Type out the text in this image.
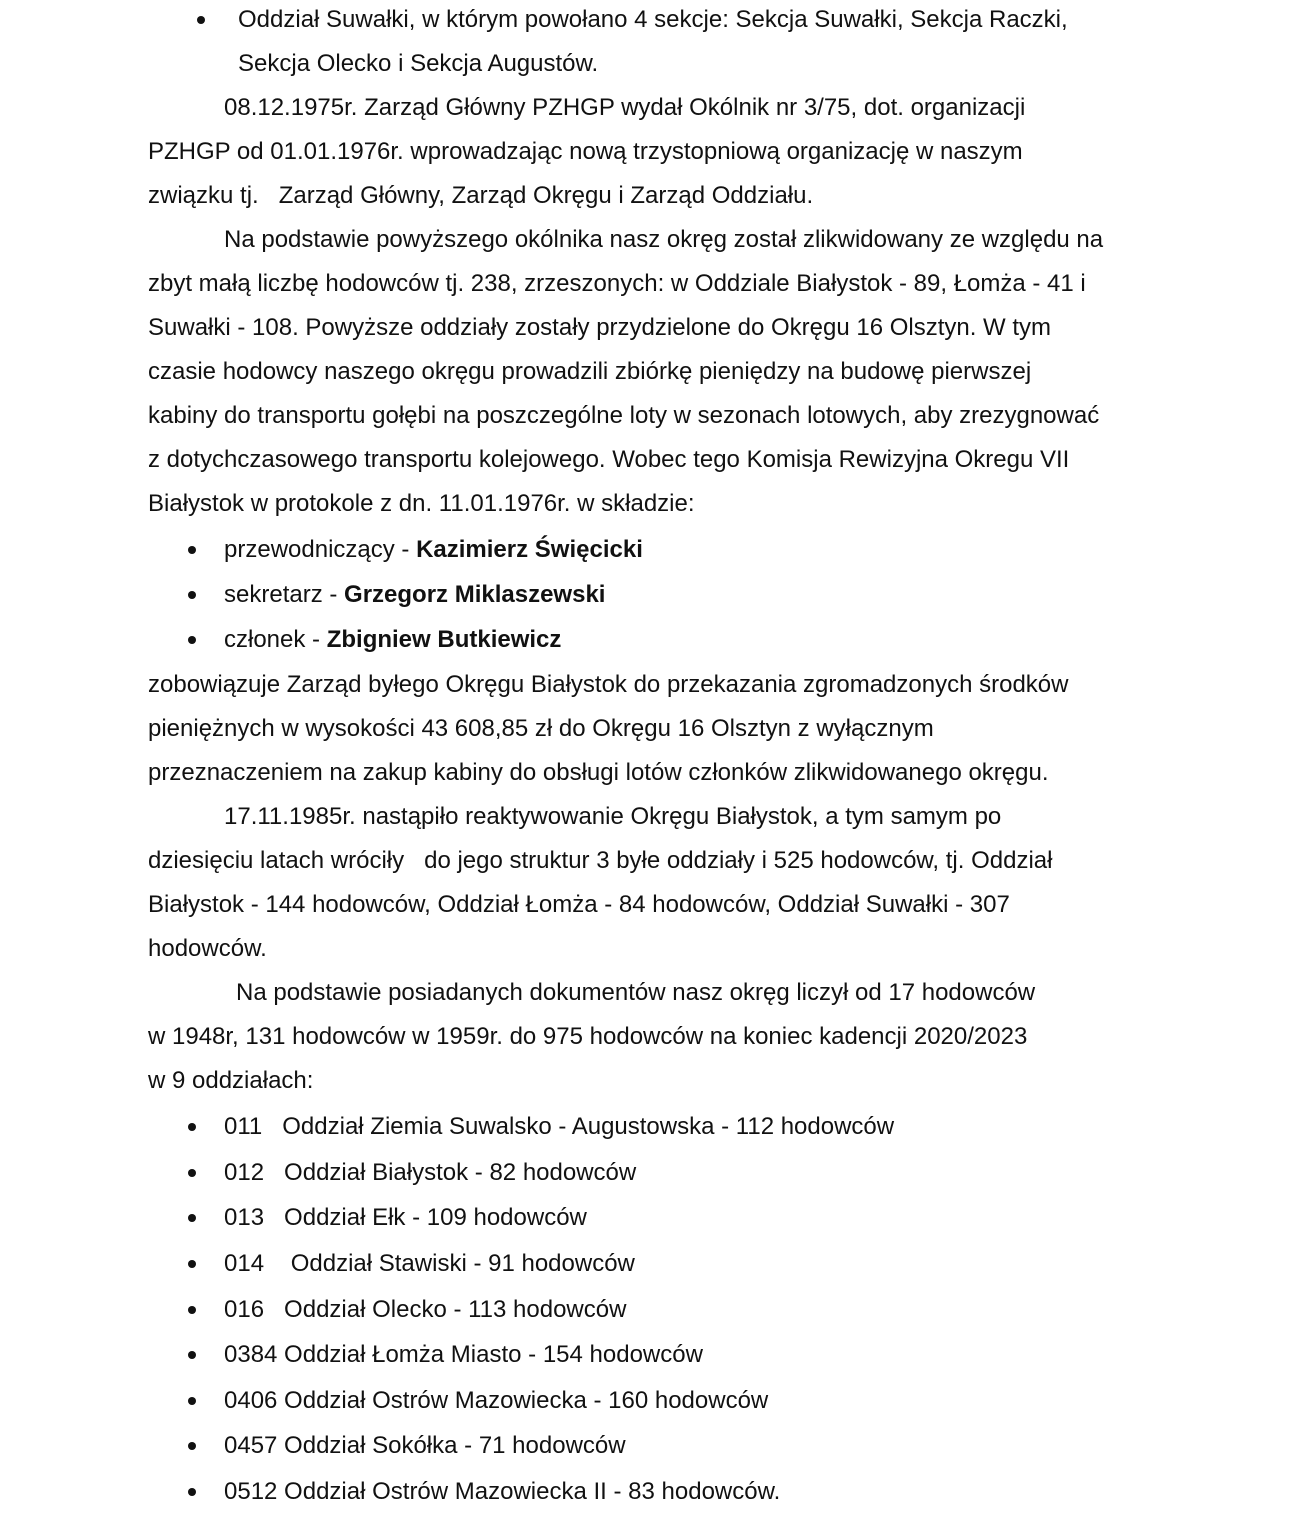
Oddział Suwałki, w którym powołano 4 sekcje: Sekcja Suwałki, Sekcja Raczki,
Sekcja Olecko i Sekcja Augustów.
08.12.1975r. Zarząd Główny PZHGP wydał Okólnik nr 3/75, dot. organizacji
PZHGP od 01.01.1976r. wprowadzając nową trzystopniową organizację w naszym
związku tj.   Zarząd Główny, Zarząd Okręgu i Zarząd Oddziału.
Na podstawie powyższego okólnika nasz okręg został zlikwidowany ze względu na
zbyt małą liczbę hodowców tj. 238, zrzeszonych: w Oddziale Białystok - 89, Łomża - 41 i
Suwałki - 108. Powyższe oddziały zostały przydzielone do Okręgu 16 Olsztyn. W tym
czasie hodowcy naszego okręgu prowadzili zbiórkę pieniędzy na budowę pierwszej
kabiny do transportu gołębi na poszczególne loty w sezonach lotowych, aby zrezygnować
z dotychczasowego transportu kolejowego. Wobec tego Komisja Rewizyjna Okregu VII
Białystok w protokole z dn. 11.01.1976r. w składzie:
przewodniczący - Kazimierz Święcicki
sekretarz - Grzegorz Miklaszewski
członek - Zbigniew Butkiewicz
zobowiązuje Zarząd byłego Okręgu Białystok do przekazania zgromadzonych środków
pieniężnych w wysokości 43 608,85 zł do Okręgu 16 Olsztyn z wyłącznym
przeznaczeniem na zakup kabiny do obsługi lotów członków zlikwidowanego okręgu.
17.11.1985r. nastąpiło reaktywowanie Okręgu Białystok, a tym samym po
dziesięciu latach wróciły   do jego struktur 3 byłe oddziały i 525 hodowców, tj. Oddział
Białystok - 144 hodowców, Oddział Łomża - 84 hodowców, Oddział Suwałki - 307
hodowców.
Na podstawie posiadanych dokumentów nasz okręg liczył od 17 hodowców
w 1948r, 131 hodowców w 1959r. do 975 hodowców na koniec kadencji 2020/2023
w 9 oddziałach:
011   Oddział Ziemia Suwalsko - Augustowska - 112 hodowców
012   Oddział Białystok - 82 hodowców
013   Oddział Ełk - 109 hodowców
014    Oddział Stawiski - 91 hodowców
016   Oddział Olecko - 113 hodowców
0384 Oddział Łomża Miasto - 154 hodowców
0406 Oddział Ostrów Mazowiecka - 160 hodowców
0457 Oddział Sokółka - 71 hodowców
0512 Oddział Ostrów Mazowiecka II - 83 hodowców.
